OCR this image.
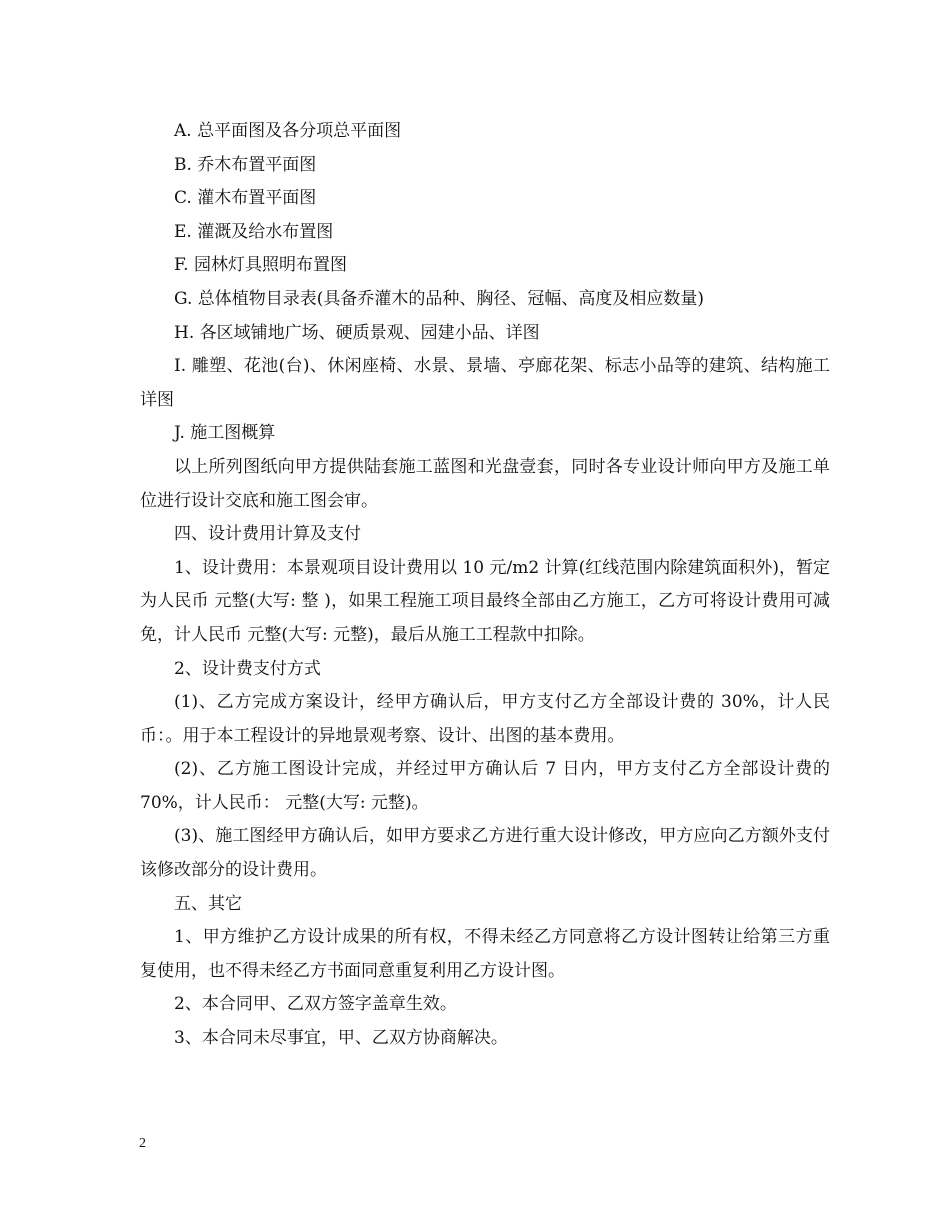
A. 总平面图及各分项总平面图

B. 乔木布置平面图

C. 灌木布置平面图

E. 灌溉及给水布置图

F. 园林灯具照明布置图

G. 总体植物目录表(具备乔灌木的品种、胸径、冠幅、高度及相应数量)

H. 各区域铺地广场、硬质景观、园建小品、详图

I. 雕塑、花池(台)、休闲座椅、水景、景墙、亭廊花架、标志小品等的建筑、结构施工详图

J. 施工图概算

以上所列图纸向甲方提供陆套施工蓝图和光盘壹套，同时各专业设计师向甲方及施工单位进行设计交底和施工图会审。

四、设计费用计算及支付

1、设计费用：本景观项目设计费用以 10 元/m2 计算(红线范围内除建筑面积外)，暂定为人民币 元整(大写: 整 )，如果工程施工项目最终全部由乙方施工，乙方可将设计费用可减免，计人民币 元整(大写: 元整)，最后从施工工程款中扣除。

2、设计费支付方式

(1)、乙方完成方案设计，经甲方确认后，甲方支付乙方全部设计费的 30%，计人民币：。用于本工程设计的异地景观考察、设计、出图的基本费用。

(2)、乙方施工图设计完成，并经过甲方确认后 7 日内，甲方支付乙方全部设计费的 70%，计人民币： 元整(大写: 元整)。

(3)、施工图经甲方确认后，如甲方要求乙方进行重大设计修改，甲方应向乙方额外支付该修改部分的设计费用。

五、其它

1、甲方维护乙方设计成果的所有权，不得未经乙方同意将乙方设计图转让给第三方重复使用，也不得未经乙方书面同意重复利用乙方设计图。

2、本合同甲、乙双方签字盖章生效。

3、本合同未尽事宜，甲、乙双方协商解决。

2
